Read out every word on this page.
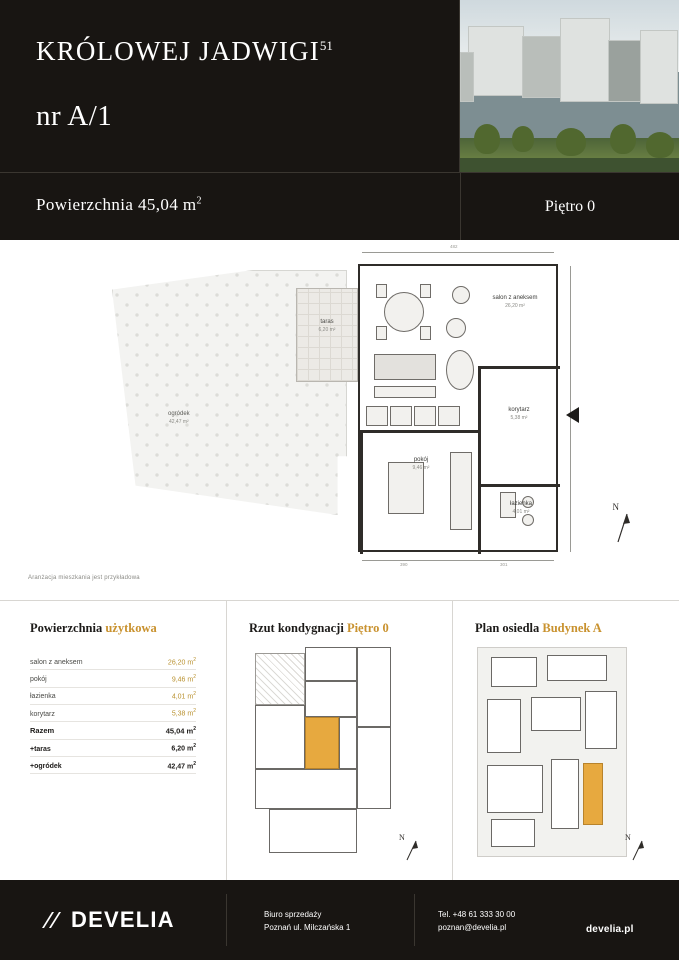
KRÓLOWEJ JADWIGI$^{51}$
nr A/1
Powierzchnia 45,04 $m^2$	Piętro 0
ogródek
42,47 m²
taras
6,20 m²
salon z aneksem
26,20 m²
korytarz
5,38 m²
pokój
9,46 m²
łazienka
4,01 m²
482
390	301
N
Aranżacja mieszkania jest przykładowa
Powierzchnia użytkowa
salon z aneksem	26,20 $m^2$
pokój	9,46 $m^2$
łazienka	4,01 $m^2$
korytarz	5,38 $m^2$
Razem	45,04 $m^2$
+taras	6,20 $m^2$
+ogródek	42,47 $m^2$
Rzut kondygnacji Piętro 0
N
Plan osiedla Budynek A
N
DEVELIA	Biuro sprzedaży
Poznań ul. Milczańska 1
Tel. +48 61 333 30 00
poznan@develia.pl	develia.pl
